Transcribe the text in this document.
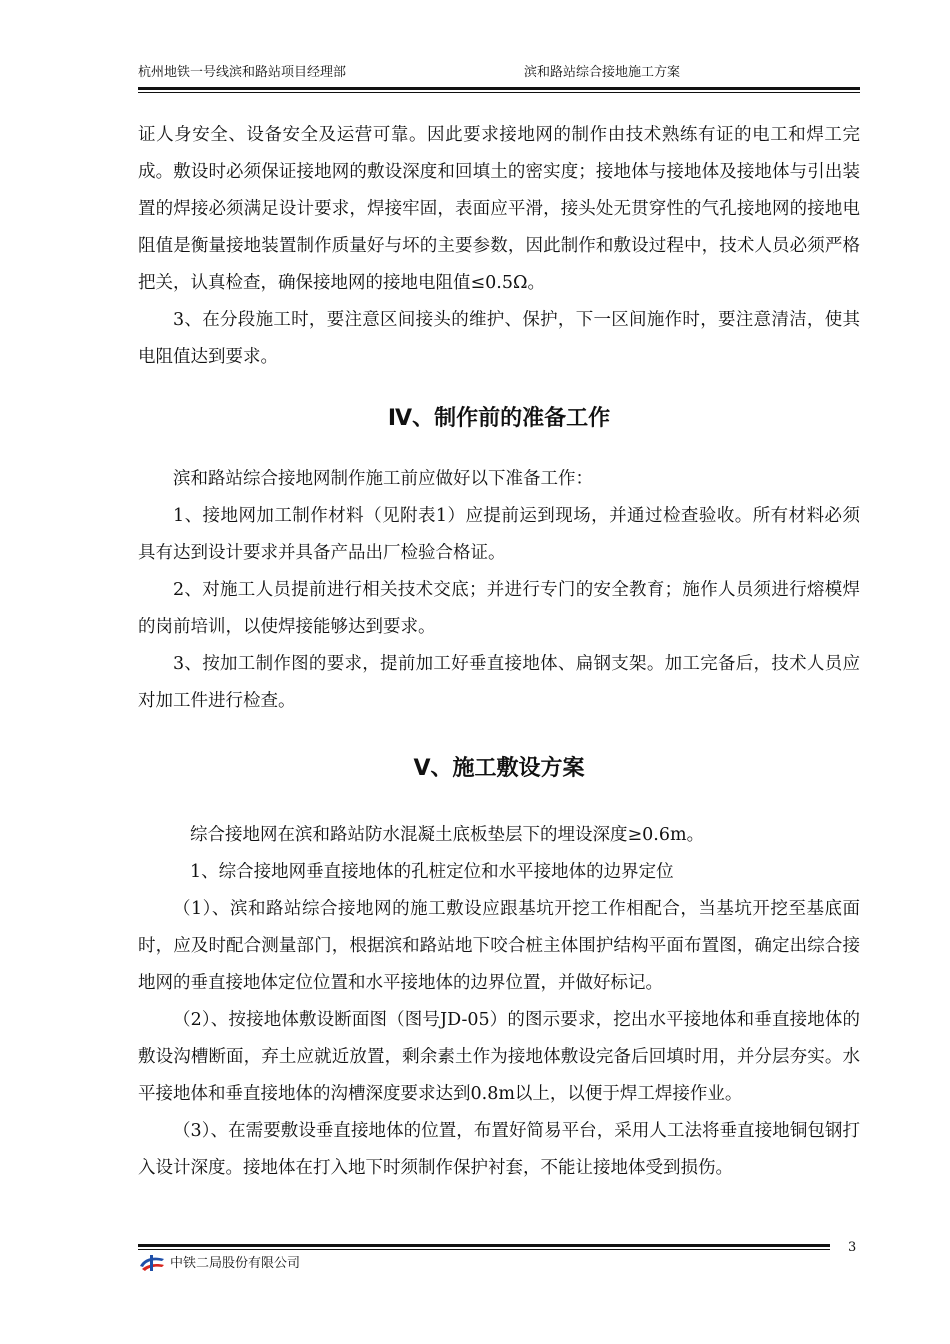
杭州地铁一号线滨和路站项目经理部	滨和路站综合接地施工方案

证人身安全、设备安全及运营可靠。因此要求接地网的制作由技术熟练有证的电工和焊工完成。敷设时必须保证接地网的敷设深度和回填土的密实度；接地体与接地体及接地体与引出装置的焊接必须满足设计要求，焊接牢固，表面应平滑，接头处无贯穿性的气孔接地网的接地电阻值是衡量接地装置制作质量好与坏的主要参数，因此制作和敷设过程中，技术人员必须严格把关，认真检查，确保接地网的接地电阻值≤0.5Ω。

3、在分段施工时，要注意区间接头的维护、保护，下一区间施作时，要注意清洁，使其电阻值达到要求。

Ⅳ、制作前的准备工作

滨和路站综合接地网制作施工前应做好以下准备工作：

1、接地网加工制作材料（见附表1）应提前运到现场，并通过检查验收。所有材料必须具有达到设计要求并具备产品出厂检验合格证。

2、对施工人员提前进行相关技术交底；并进行专门的安全教育；施作人员须进行熔模焊的岗前培训，以使焊接能够达到要求。

3、按加工制作图的要求，提前加工好垂直接地体、扁钢支架。加工完备后，技术人员应对加工件进行检查。

Ⅴ、施工敷设方案

综合接地网在滨和路站防水混凝土底板垫层下的埋设深度≥0.6m。

1、综合接地网垂直接地体的孔桩定位和水平接地体的边界定位

（1）、滨和路站综合接地网的施工敷设应跟基坑开挖工作相配合，当基坑开挖至基底面时，应及时配合测量部门，根据滨和路站地下咬合桩主体围护结构平面布置图，确定出综合接地网的垂直接地体定位位置和水平接地体的边界位置，并做好标记。

（2）、按接地体敷设断面图（图号JD-05）的图示要求，挖出水平接地体和垂直接地体的敷设沟槽断面，弃土应就近放置，剩余素土作为接地体敷设完备后回填时用，并分层夯实。水平接地体和垂直接地体的沟槽深度要求达到0.8m以上，以便于焊工焊接作业。

（3）、在需要敷设垂直接地体的位置，布置好简易平台，采用人工法将垂直接地铜包钢打入设计深度。接地体在打入地下时须制作保护衬套，不能让接地体受到损伤。

3
中铁二局股份有限公司
